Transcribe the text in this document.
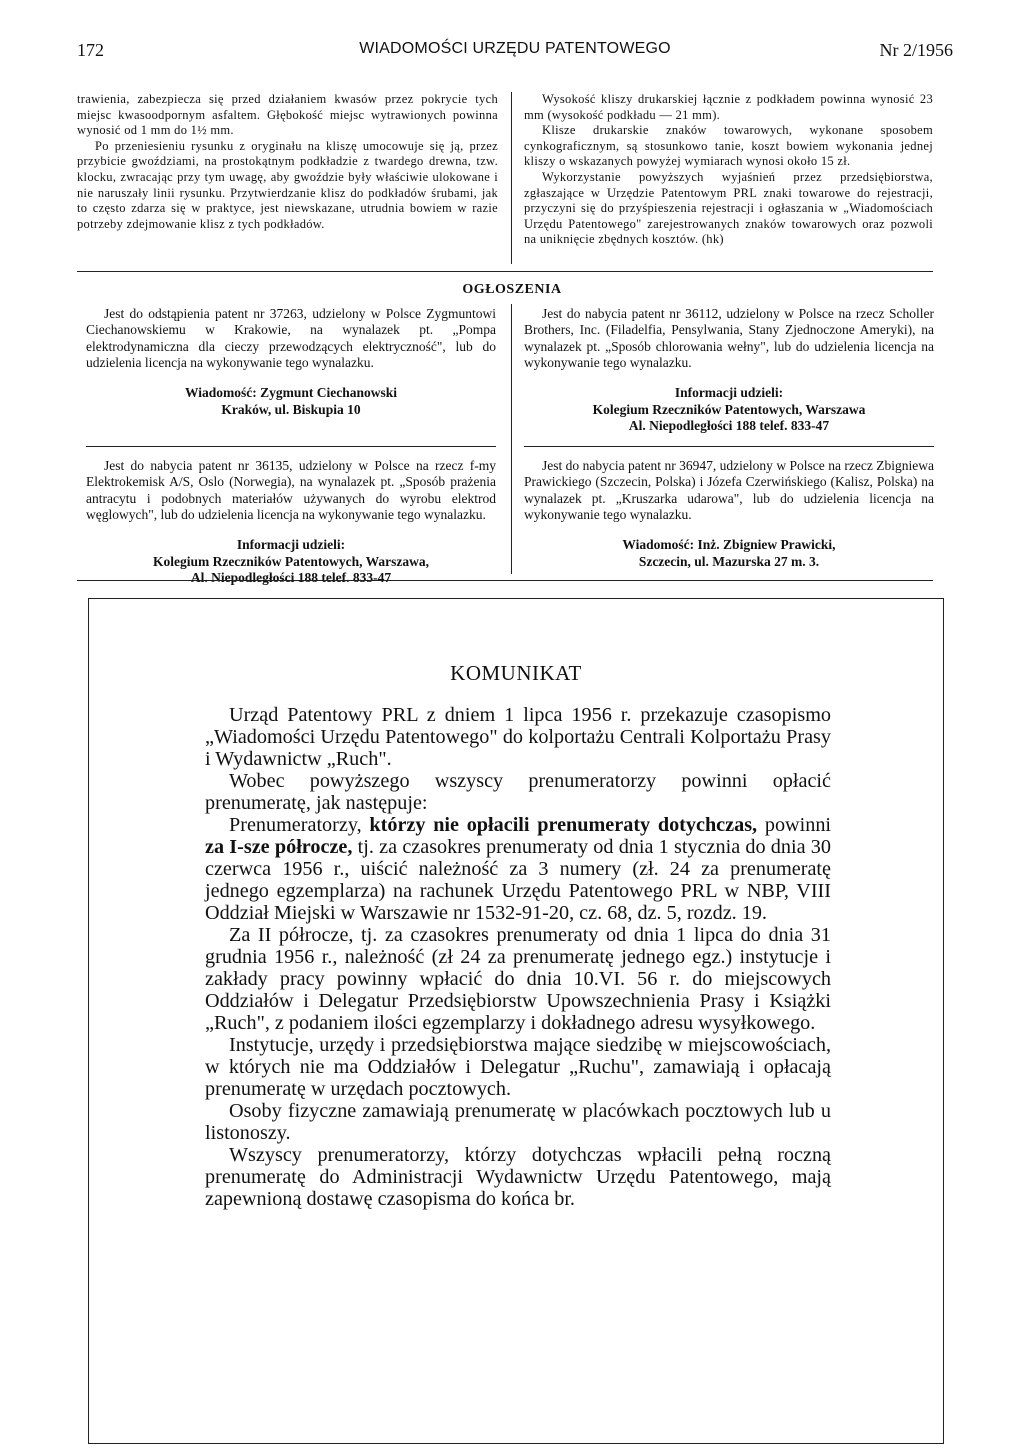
172	WIADOMOŚCI URZĘDU PATENTOWEGO	Nr 2/1956

trawienia, zabezpiecza się przed działaniem kwasów przez pokrycie tych miejsc kwasoodpornym asfaltem. Głębokość miejsc wytrawionych powinna wynosić od 1 mm do 1½ mm.

Po przeniesieniu rysunku z oryginału na kliszę umocowuje się ją, przez przybicie gwoździami, na prostokątnym podkładzie z twardego drewna, tzw. klocku, zwracając przy tym uwagę, aby gwoździe były właściwie ulokowane i nie naruszały linii rysunku. Przytwierdzanie klisz do podkładów śrubami, jak to często zdarza się w praktyce, jest niewskazane, utrudnia bowiem w razie potrzeby zdejmowanie klisz z tych podkładów.

Wysokość kliszy drukarskiej łącznie z podkładem powinna wynosić 23 mm (wysokość podkładu — 21 mm).

Klisze drukarskie znaków towarowych, wykonane sposobem cynkograficznym, są stosunkowo tanie, koszt bowiem wykonania jednej kliszy o wskazanych powyżej wymiarach wynosi około 15 zł.

Wykorzystanie powyższych wyjaśnień przez przedsiębiorstwa, zgłaszające w Urzędzie Patentowym PRL znaki towarowe do rejestracji, przyczyni się do przyśpieszenia rejestracji i ogłaszania w „Wiadomościach Urzędu Patentowego" zarejestrowanych znaków towarowych oraz pozwoli na uniknięcie zbędnych kosztów. (hk)

OGŁOSZENIA

Jest do odstąpienia patent nr 37263, udzielony w Polsce Zygmuntowi Ciechanowskiemu w Krakowie, na wynalazek pt. „Pompa elektrodynamiczna dla cieczy przewodzących elektryczność", lub do udzielenia licencja na wykonywanie tego wynalazku.

Wiadomość: Zygmunt Ciechanowski
Kraków, ul. Biskupia 10

Jest do nabycia patent nr 36135, udzielony w Polsce na rzecz f-my Elektrokemisk A/S, Oslo (Norwegia), na wynalazek pt. „Sposób prażenia antracytu i podobnych materiałów używanych do wyrobu elektrod węglowych", lub do udzielenia licencja na wykonywanie tego wynalazku.

Informacji udzieli:
Kolegium Rzeczników Patentowych, Warszawa,
Al. Niepodległości 188 telef. 833-47

Jest do nabycia patent nr 36112, udzielony w Polsce na rzecz Scholler Brothers, Inc. (Filadelfia, Pensylwania, Stany Zjednoczone Ameryki), na wynalazek pt. „Sposób chlorowania wełny", lub do udzielenia licencja na wykonywanie tego wynalazku.

Informacji udzieli:
Kolegium Rzeczników Patentowych, Warszawa
Al. Niepodległości 188 telef. 833-47

Jest do nabycia patent nr 36947, udzielony w Polsce na rzecz Zbigniewa Prawickiego (Szczecin, Polska) i Józefa Czerwińskiego (Kalisz, Polska) na wynalazek pt. „Kruszarka udarowa", lub do udzielenia licencja na wykonywanie tego wynalazku.

Wiadomość: Inż. Zbigniew Prawicki,
Szczecin, ul. Mazurska 27 m. 3.
KOMUNIKAT

Urząd Patentowy PRL z dniem 1 lipca 1956 r. przekazuje czasopismo „Wiadomości Urzędu Patentowego" do kolportażu Centrali Kolportażu Prasy i Wydawnictw „Ruch".

Wobec powyższego wszyscy prenumeratorzy powinni opłacić prenumeratę, jak następuje:

Prenumeratorzy, którzy nie opłacili prenumeraty dotychczas, powinni za I-sze półrocze, tj. za czasokres prenumeraty od dnia 1 stycznia do dnia 30 czerwca 1956 r., uiścić należność za 3 numery (zł. 24 za prenumeratę jednego egzemplarza) na rachunek Urzędu Patentowego PRL w NBP, VIII Oddział Miejski w Warszawie nr 1532-91-20, cz. 68, dz. 5, rozdz. 19.

Za II półrocze, tj. za czasokres prenumeraty od dnia 1 lipca do dnia 31 grudnia 1956 r., należność (zł 24 za prenumeratę jednego egz.) instytucje i zakłady pracy powinny wpłacić do dnia 10.VI. 56 r. do miejscowych Oddziałów i Delegatur Przedsiębiorstw Upowszechnienia Prasy i Książki „Ruch", z podaniem ilości egzemplarzy i dokładnego adresu wysyłkowego.

Instytucje, urzędy i przedsiębiorstwa mające siedzibę w miejscowościach, w których nie ma Oddziałów i Delegatur „Ruchu", zamawiają i opłacają prenumeratę w urzędach pocztowych.

Osoby fizyczne zamawiają prenumeratę w placówkach pocztowych lub u listonoszy.

Wszyscy prenumeratorzy, którzy dotychczas wpłacili pełną roczną prenumeratę do Administracji Wydawnictw Urzędu Patentowego, mają zapewnioną dostawę czasopisma do końca br.
